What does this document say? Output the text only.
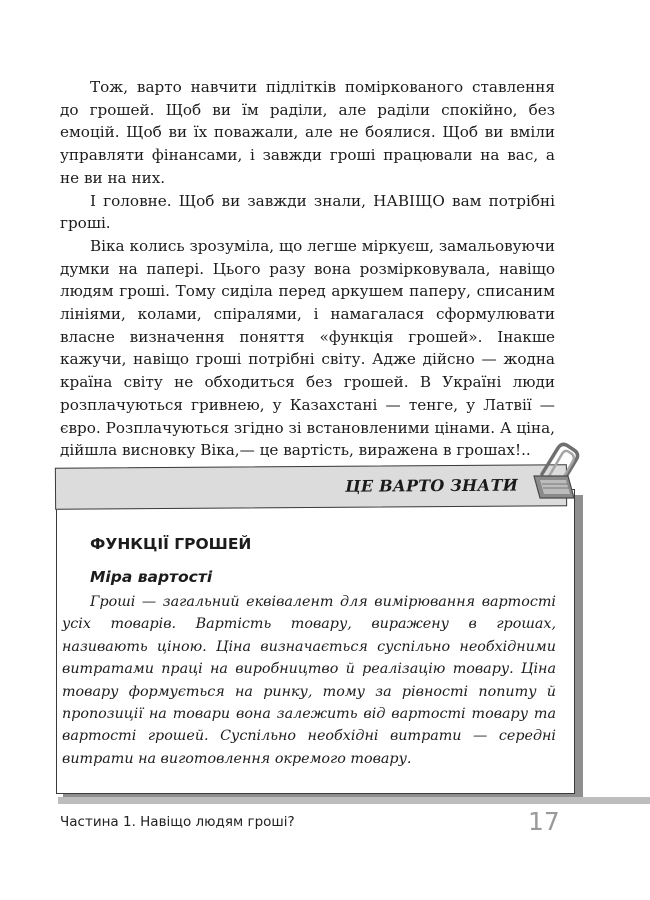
Тож, варто навчити підлітків поміркованого ставлення до грошей. Щоб ви їм раділи, але раділи спокійно, без емоцій. Щоб ви їх поважали, але не боялися. Щоб ви вміли управляти фінансами, і завжди гроші працювали на вас, а не ви на них.

І головне. Щоб ви завжди знали, НАВІЩО вам потрібні гроші.

Віка колись зрозуміла, що легше міркуєш, замальовуючи думки на папері. Цього разу вона розмірковувала, навіщо людям гроші. Тому сиділа перед аркушем паперу, списаним лініями, колами, спіралями, і намагалася сформулювати власне визначення поняття «функція грошей». Інакше кажучи, навіщо гроші потрібні світу. Адже дійсно — жодна країна світу не обходиться без грошей. В Україні люди розплачуються гривнею, у Казахстані — тенге, у Латвії — євро. Розплачуються згідно зі встановленими цінами. А ціна, дійшла висновку Віка,— це вартість, виражена в грошах!..

ЦЕ ВАРТО ЗНАТИ
ФУНКЦІЇ ГРОШЕЙ
Міра вартості

Гроші — загальний еквівалент для вимірювання вартості усіх товарів. Вартість товару, виражену в грошах, називають ціною. Ціна визначається суспільно необхідними витратами праці на виробництво й реалізацію товару. Ціна товару формується на ринку, тому за рівності попиту й пропозиції на товари вона залежить від вартості товару та вартості грошей. Суспільно необхідні витрати — середні витрати на виготовлення окремого товару.

Частина 1. Навіщо людям гроші?	17
